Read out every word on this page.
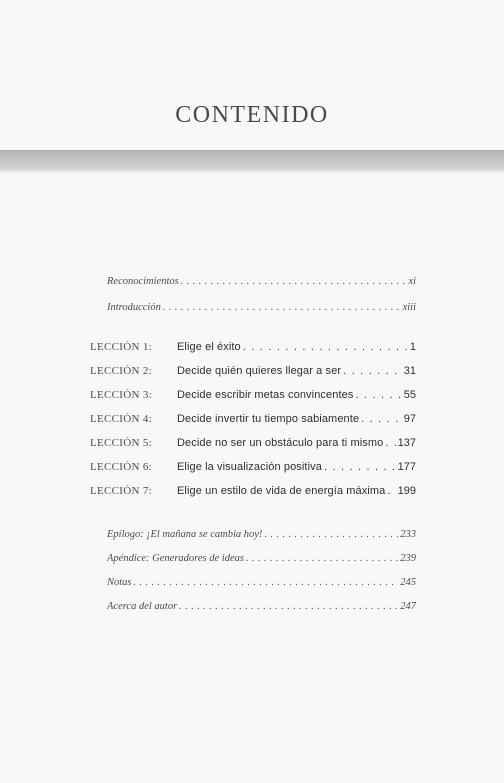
CONTENIDO
Reconocimientos . . .	xi
Introducción . . .	xiii
LECCIÓN 1:	Elige el éxito . . .	1
LECCIÓN 2:	Decide quién quieres llegar a ser . . .	31
LECCIÓN 3:	Decide escribir metas convincentes . . .	55
LECCIÓN 4:	Decide invertir tu tiempo sabiamente . . .	97
LECCIÓN 5:	Decide no ser un obstáculo para ti mismo . . . 137
LECCIÓN 6:	Elige la visualización positiva . . .	177
LECCIÓN 7:	Elige un estilo de vida de energía máxima . . . 199
Epílogo: ¡El mañana se cambia hoy! . . .	233
Apéndice: Generadores de ideas . . .	239
Notas . . .	245
Acerca del autor . . .	247
